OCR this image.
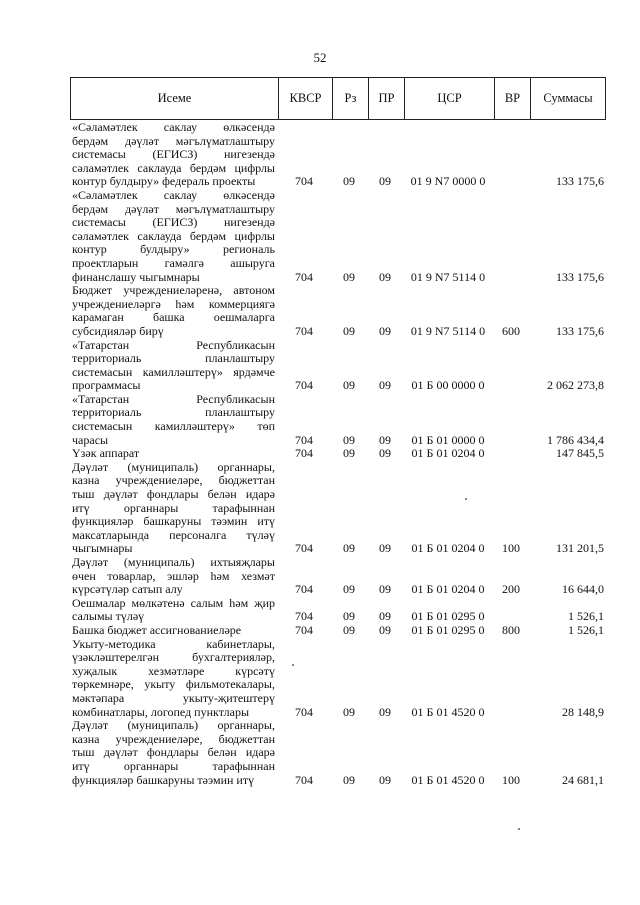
52
Исеме	КВСР	Рз	ПР	ЦСР	ВР	Суммасы
«Сәламәтлек саклау өлкәсендә
бердәм дәүләт мәгълүматлаштыру
системасы (ЕГИСЗ) нигезендә
сәламәтлек саклауда бердәм цифрлы
контур булдыру» федераль проекты	704	09	09	01 9 N7 0000 0	133 175,6
«Сәламәтлек саклау өлкәсендә
бердәм дәүләт мәгълүматлаштыру
системасы (ЕГИСЗ) нигезендә
сәламәтлек саклауда бердәм цифрлы
контур булдыру» региональ
проектларын гамәлгә ашыруга
финанслашу чыгымнары	704	09	09	01 9 N7 5114 0	133 175,6
Бюджет учреждениеләренә, автоном
учреждениеләргә һәм коммерциягә
карамаган башка оешмаларга
субсидияләр бирү	704	09	09	01 9 N7 5114 0	600	133 175,6
«Татарстан Республикасын
территориаль планлаштыру
системасын камилләштерү» ярдәмче
программасы	704	09	09	01 Б 00 0000 0	2 062 273,8
«Татарстан Республикасын
территориаль планлаштыру
системасын камилләштерү» төп
чарасы	704	09	09	01 Б 01 0000 0	1 786 434,4
Үзәк аппарат	704	09	09	01 Б 01 0204 0	147 845,5
Дәүләт (муниципаль) органнары,
казна учреждениеләре, бюджеттан
тыш дәүләт фондлары белән идарә
итү органнары тарафыннан
функцияләр башкаруны тәэмин итү
максатларында персоналга түләү
чыгымнары	704	09	09	01 Б 01 0204 0	100	131 201,5
Дәүләт (муниципаль) ихтыяҗлары
өчен товарлар, эшләр һәм хезмәт
күрсәтүләр сатып алу	704	09	09	01 Б 01 0204 0	200	16 644,0
Оешмалар мөлкәтенә салым һәм җир
салымы түләү	704	09	09	01 Б 01 0295 0	1 526,1
Башка бюджет ассигнованиеләре	704	09	09	01 Б 01 0295 0	800	1 526,1
Укыту-методика кабинетлары,
үзәкләштерелгән бухгалтерияләр,
хуҗалык хезмәтләре күрсәтү
төркемнәре, укыту фильмотекалары,
мәктәпара укыту-җитештерү
комбинатлары, логопед пунктлары	704	09	09	01 Б 01 4520 0	28 148,9
Дәүләт (муниципаль) органнары,
казна учреждениеләре, бюджеттан
тыш дәүләт фондлары белән идарә
итү органнары тарафыннан
функцияләр башкаруны тәэмин итү	704	09	09	01 Б 01 4520 0	100	24 681,1
